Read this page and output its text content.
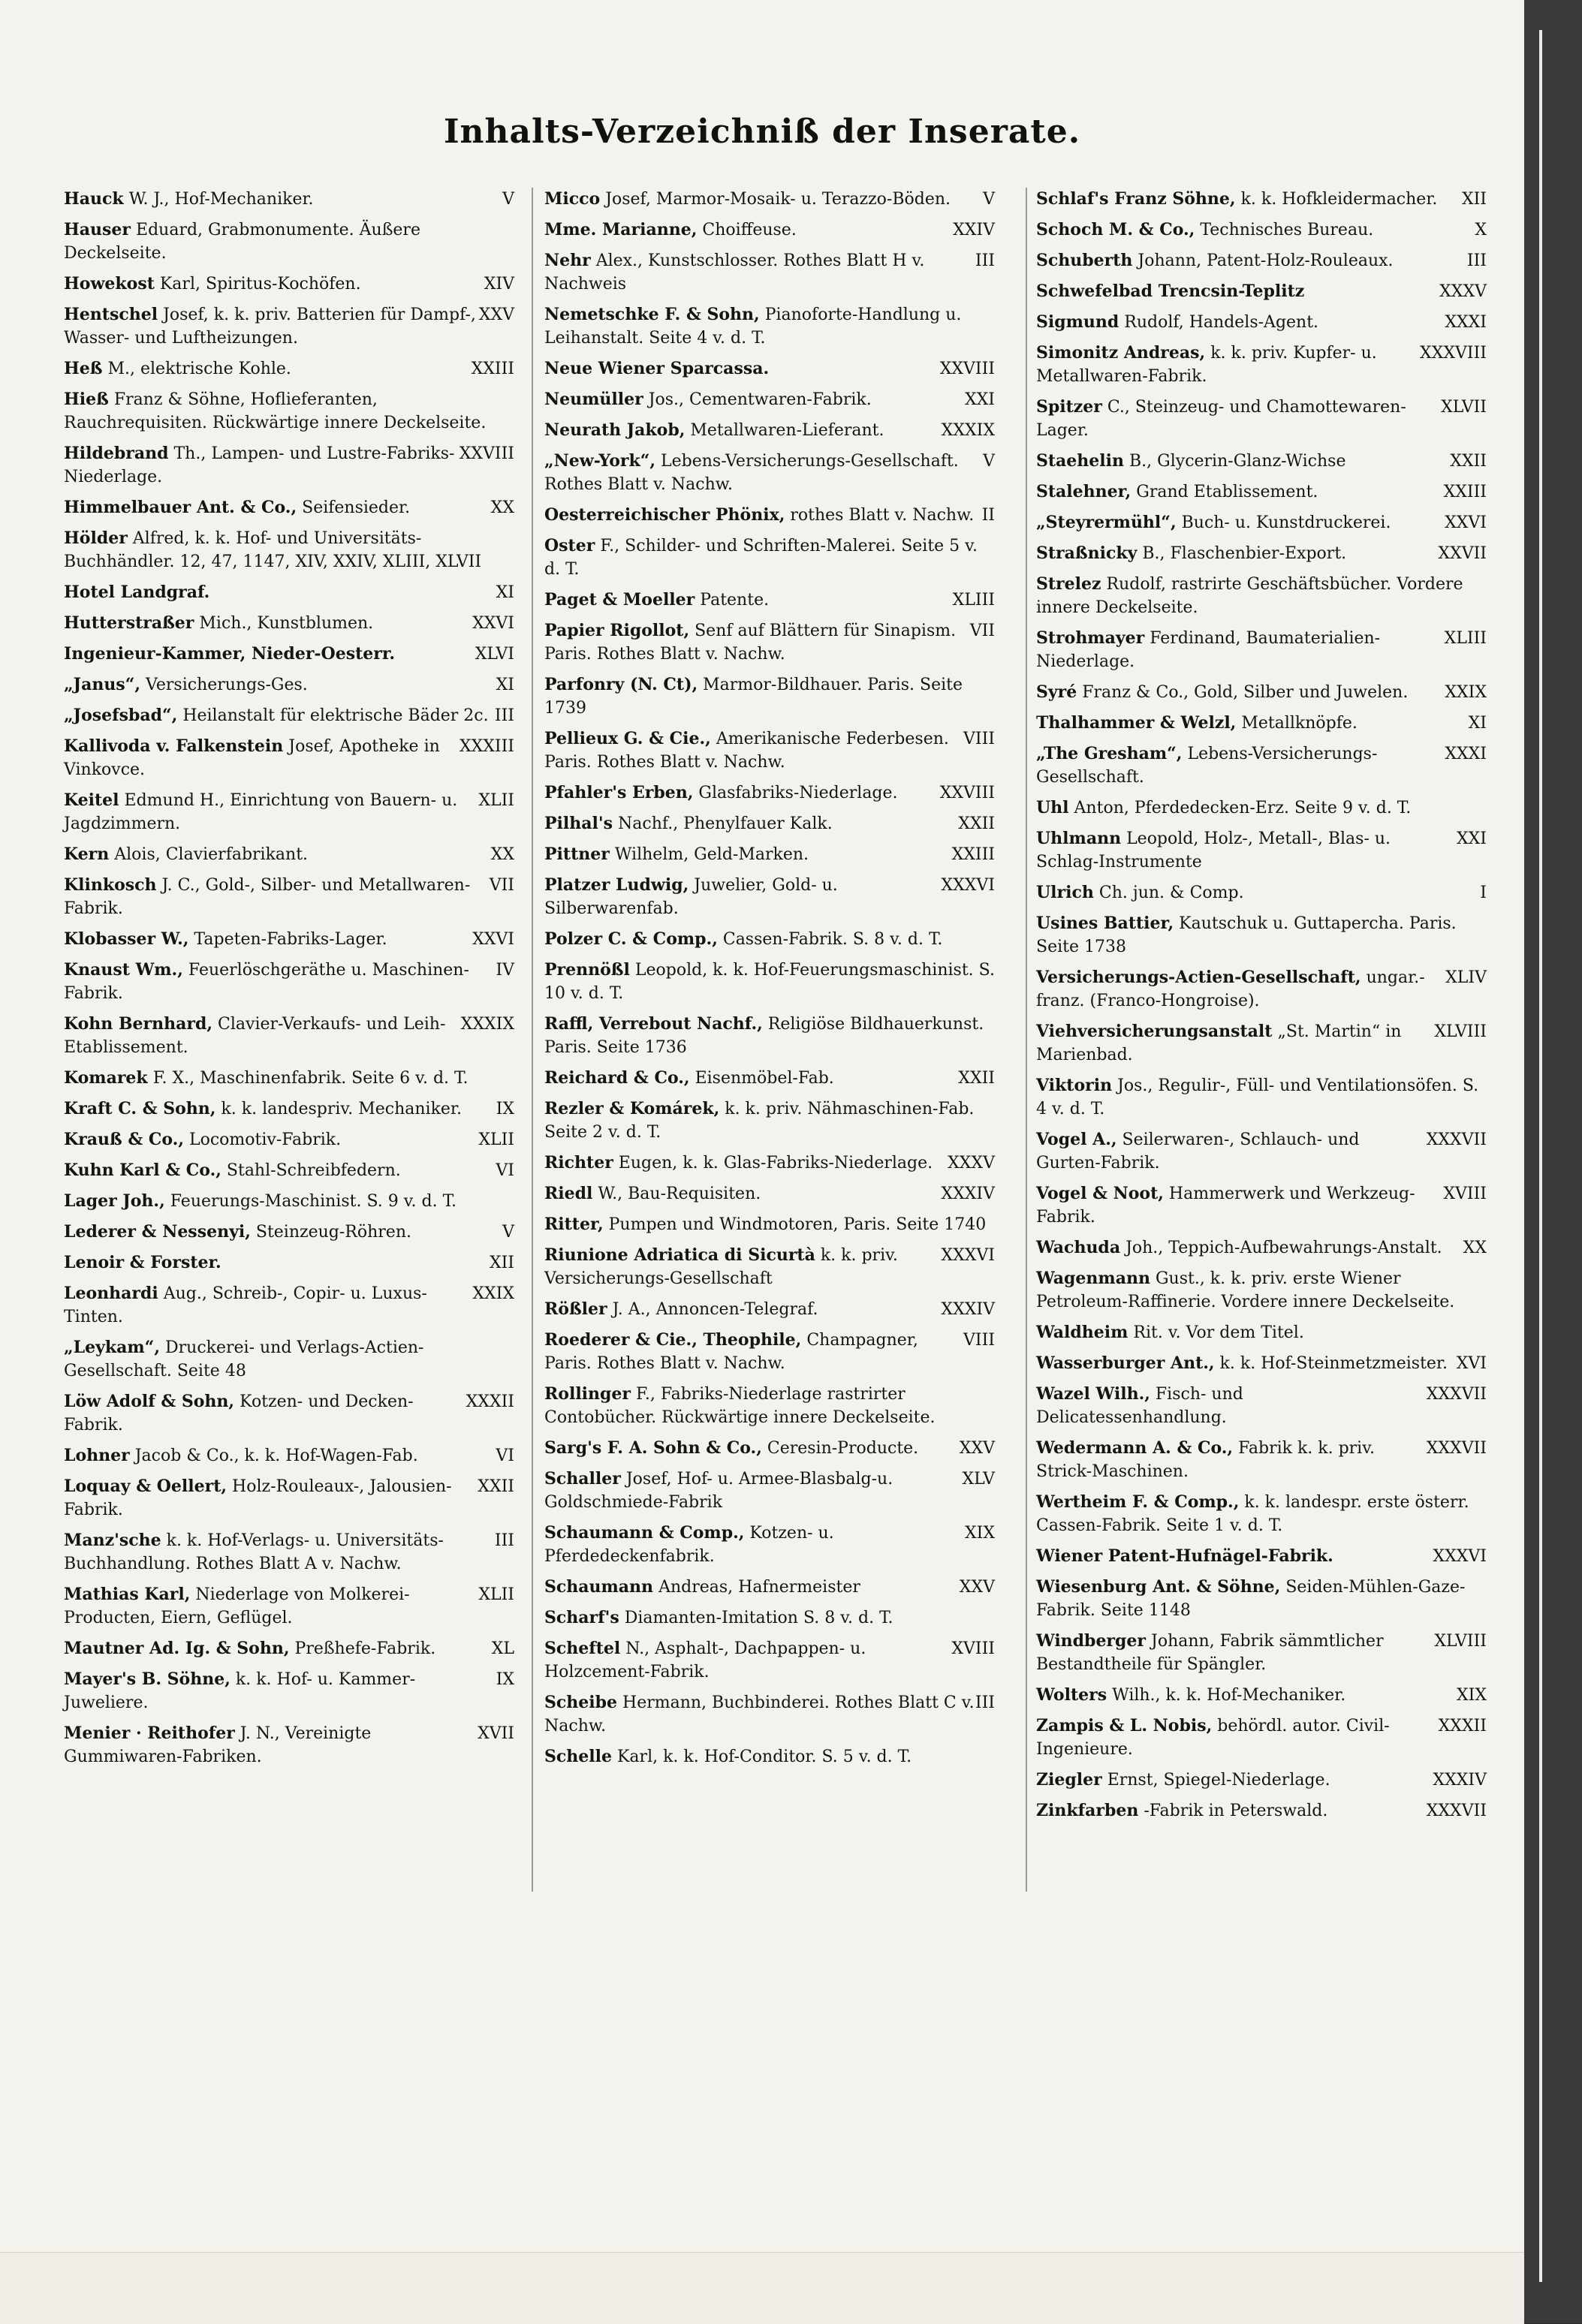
Inhalts-Verzeichniß der Inserate.
V
Hauck W. J., Hof-Mechaniker.
Hauser Eduard, Grabmonumente. Äußere Deckelseite.
XIV
Howekost Karl, Spiritus-Kochöfen.
XXV
Hentschel Josef, k. k. priv. Batterien für Dampf-, Wasser- und Luftheizungen.
XXIII
Heß M., elektrische Kohle.
Hieß Franz & Söhne, Hoflieferanten, Rauchrequisiten. Rückwärtige innere Deckelseite.
XXVIII
Hildebrand Th., Lampen- und Lustre-Fabriks-Niederlage.
XX
Himmelbauer Ant. & Co., Seifensieder.
Hölder Alfred, k. k. Hof- und Universitäts-Buchhändler. 12, 47, 1147, XIV, XXIV, XLIII, XLVII
XI
Hotel Landgraf.
XXVI
Hutterstraßer Mich., Kunstblumen.
XLVI
Ingenieur-Kammer, Nieder-Oesterr.
XI
„Janus“, Versicherungs-Ges.
III
„Josefsbad“, Heilanstalt für elektrische Bäder 2c.
XXXIII
Kallivoda v. Falkenstein Josef, Apotheke in Vinkovce.
XLII
Keitel Edmund H., Einrichtung von Bauern- u. Jagdzimmern.
XX
Kern Alois, Clavierfabrikant.
VII
Klinkosch J. C., Gold-, Silber- und Metallwaren-Fabrik.
XXVI
Klobasser W., Tapeten-Fabriks-Lager.
IV
Knaust Wm., Feuerlöschgeräthe u. Maschinen-Fabrik.
XXXIX
Kohn Bernhard, Clavier-Verkaufs- und Leih-Etablissement.
Komarek F. X., Maschinenfabrik. Seite 6 v. d. T.
IX
Kraft C. & Sohn, k. k. landespriv. Mechaniker.
XLII
Krauß & Co., Locomotiv-Fabrik.
VI
Kuhn Karl & Co., Stahl-Schreibfedern.
Lager Joh., Feuerungs-Maschinist. S. 9 v. d. T.
V
Lederer & Nessenyi, Steinzeug-Röhren.
XII
Lenoir & Forster.
XXIX
Leonhardi Aug., Schreib-, Copir- u. Luxus-Tinten.
„Leykam“, Druckerei- und Verlags-Actien-Gesellschaft. Seite 48
XXXII
Löw Adolf & Sohn, Kotzen- und Decken-Fabrik.
VI
Lohner Jacob & Co., k. k. Hof-Wagen-Fab.
XXII
Loquay & Oellert, Holz-Rouleaux-, Jalousien-Fabrik.
III
Manz'sche k. k. Hof-Verlags- u. Universitäts-Buchhandlung. Rothes Blatt A v. Nachw.
XLII
Mathias Karl, Niederlage von Molkerei-Producten, Eiern, Geflügel.
XL
Mautner Ad. Ig. & Sohn, Preßhefe-Fabrik.
IX
Mayer's B. Söhne, k. k. Hof- u. Kammer-Juweliere.
XVII
Menier · Reithofer J. N., Vereinigte Gummiwaren-Fabriken.
V
Micco Josef, Marmor-Mosaik- u. Terazzo-Böden.
XXIV
Mme. Marianne, Choiffeuse.
III
Nehr Alex., Kunstschlosser. Rothes Blatt H v. Nachweis
Nemetschke F. & Sohn, Pianoforte-Handlung u. Leihanstalt. Seite 4 v. d. T.
XXVIII
Neue Wiener Sparcassa.
XXI
Neumüller Jos., Cementwaren-Fabrik.
XXXIX
Neurath Jakob, Metallwaren-Lieferant.
V
„New-York“, Lebens-Versicherungs-Gesellschaft. Rothes Blatt v. Nachw.
II
Oesterreichischer Phönix, rothes Blatt v. Nachw.
Oster F., Schilder- und Schriften-Malerei. Seite 5 v. d. T.
XLIII
Paget & Moeller Patente.
VII
Papier Rigollot, Senf auf Blättern für Sinapism. Paris. Rothes Blatt v. Nachw.
Parfonry (N. Ct), Marmor-Bildhauer. Paris. Seite 1739
VIII
Pellieux G. & Cie., Amerikanische Federbesen. Paris. Rothes Blatt v. Nachw.
XXVIII
Pfahler's Erben, Glasfabriks-Niederlage.
XXII
Pilhal's Nachf., Phenylfauer Kalk.
XXIII
Pittner Wilhelm, Geld-Marken.
XXXVI
Platzer Ludwig, Juwelier, Gold- u. Silberwarenfab.
Polzer C. & Comp., Cassen-Fabrik. S. 8 v. d. T.
Prennößl Leopold, k. k. Hof-Feuerungsmaschinist. S. 10 v. d. T.
Raffl, Verrebout Nachf., Religiöse Bildhauerkunst. Paris. Seite 1736
XXII
Reichard & Co., Eisenmöbel-Fab.
Rezler & Komárek, k. k. priv. Nähmaschinen-Fab. Seite 2 v. d. T.
XXXV
Richter Eugen, k. k. Glas-Fabriks-Niederlage.
XXXIV
Riedl W., Bau-Requisiten.
Ritter, Pumpen und Windmotoren, Paris. Seite 1740
XXXVI
Riunione Adriatica di Sicurtà k. k. priv. Versicherungs-Gesellschaft
XXXIV
Rößler J. A., Annoncen-Telegraf.
VIII
Roederer & Cie., Theophile, Champagner, Paris. Rothes Blatt v. Nachw.
Rollinger F., Fabriks-Niederlage rastrirter Contobücher. Rückwärtige innere Deckelseite.
XXV
Sarg's F. A. Sohn & Co., Ceresin-Producte.
XLV
Schaller Josef, Hof- u. Armee-Blasbalg-u. Goldschmiede-Fabrik
XIX
Schaumann & Comp., Kotzen- u. Pferdedeckenfabrik.
XXV
Schaumann Andreas, Hafnermeister
Scharf's Diamanten-Imitation S. 8 v. d. T.
XVIII
Scheftel N., Asphalt-, Dachpappen- u. Holzcement-Fabrik.
III
Scheibe Hermann, Buchbinderei. Rothes Blatt C v. Nachw.
Schelle Karl, k. k. Hof-Conditor. S. 5 v. d. T.
XII
Schlaf's Franz Söhne, k. k. Hofkleidermacher.
X
Schoch M. & Co., Technisches Bureau.
III
Schuberth Johann, Patent-Holz-Rouleaux.
XXXV
Schwefelbad Trencsin-Teplitz
XXXI
Sigmund Rudolf, Handels-Agent.
XXXVIII
Simonitz Andreas, k. k. priv. Kupfer- u. Metallwaren-Fabrik.
XLVII
Spitzer C., Steinzeug- und Chamottewaren-Lager.
XXII
Staehelin B., Glycerin-Glanz-Wichse
XXIII
Stalehner, Grand Etablissement.
XXVI
„Steyrermühl“, Buch- u. Kunstdruckerei.
XXVII
Straßnicky B., Flaschenbier-Export.
Strelez Rudolf, rastrirte Geschäftsbücher. Vordere innere Deckelseite.
XLIII
Strohmayer Ferdinand, Baumaterialien-Niederlage.
XXIX
Syré Franz & Co., Gold, Silber und Juwelen.
XI
Thalhammer & Welzl, Metallknöpfe.
XXXI
„The Gresham“, Lebens-Versicherungs-Gesellschaft.
Uhl Anton, Pferdedecken-Erz. Seite 9 v. d. T.
XXI
Uhlmann Leopold, Holz-, Metall-, Blas- u. Schlag-Instrumente
I
Ulrich Ch. jun. & Comp.
Usines Battier, Kautschuk u. Guttapercha. Paris. Seite 1738
XLIV
Versicherungs-Actien-Gesellschaft, ungar.-franz. (Franco-Hongroise).
XLVIII
Viehversicherungsanstalt „St. Martin“ in Marienbad.
Viktorin Jos., Regulir-, Füll- und Ventilationsöfen. S. 4 v. d. T.
XXXVII
Vogel A., Seilerwaren-, Schlauch- und Gurten-Fabrik.
XVIII
Vogel & Noot, Hammerwerk und Werkzeug-Fabrik.
XX
Wachuda Joh., Teppich-Aufbewahrungs-Anstalt.
Wagenmann Gust., k. k. priv. erste Wiener Petroleum-Raffinerie. Vordere innere Deckelseite.
Waldheim Rit. v. Vor dem Titel.
XVI
Wasserburger Ant., k. k. Hof-Steinmetzmeister.
XXXVII
Wazel Wilh., Fisch- und Delicatessenhandlung.
XXXVII
Wedermann A. & Co., Fabrik k. k. priv. Strick-Maschinen.
Wertheim F. & Comp., k. k. landespr. erste österr. Cassen-Fabrik. Seite 1 v. d. T.
XXXVI
Wiener Patent-Hufnägel-Fabrik.
Wiesenburg Ant. & Söhne, Seiden-Mühlen-Gaze-Fabrik. Seite 1148
XLVIII
Windberger Johann, Fabrik sämmtlicher Bestandtheile für Spängler.
XIX
Wolters Wilh., k. k. Hof-Mechaniker.
XXXII
Zampis & L. Nobis, behördl. autor. Civil-Ingenieure.
XXXIV
Ziegler Ernst, Spiegel-Niederlage.
XXXVII
Zinkfarben -Fabrik in Peterswald.
